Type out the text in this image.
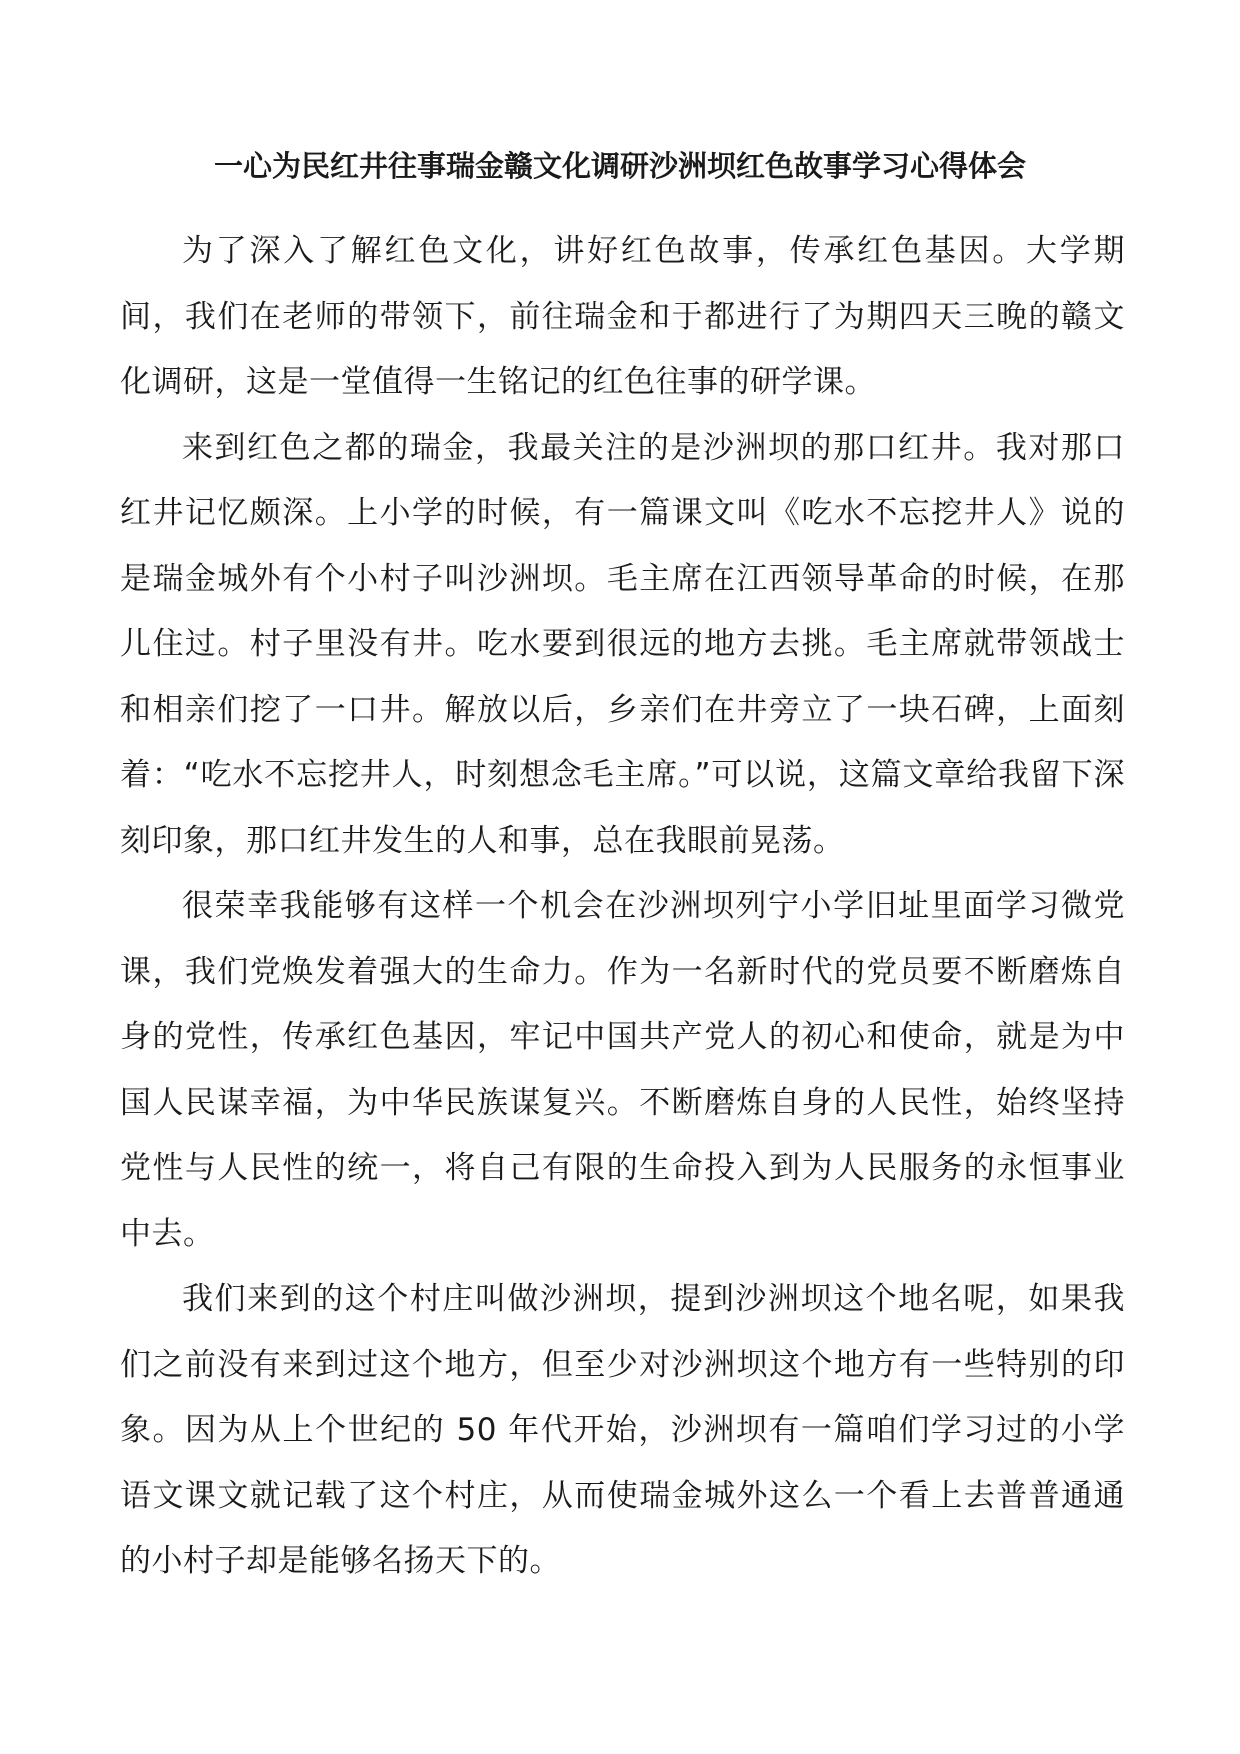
一心为民红井往事瑞金赣文化调研沙洲坝红色故事学习心得体会

为了深入了解红色文化，讲好红色故事，传承红色基因。大学期间，我们在老师的带领下，前往瑞金和于都进行了为期四天三晚的赣文化调研，这是一堂值得一生铭记的红色往事的研学课。

来到红色之都的瑞金，我最关注的是沙洲坝的那口红井。我对那口红井记忆颇深。上小学的时候，有一篇课文叫《吃水不忘挖井人》说的是瑞金城外有个小村子叫沙洲坝。毛主席在江西领导革命的时候，在那儿住过。村子里没有井。吃水要到很远的地方去挑。毛主席就带领战士和相亲们挖了一口井。解放以后，乡亲们在井旁立了一块石碑，上面刻着：“吃水不忘挖井人，时刻想念毛主席。”可以说，这篇文章给我留下深刻印象，那口红井发生的人和事，总在我眼前晃荡。

很荣幸我能够有这样一个机会在沙洲坝列宁小学旧址里面学习微党课，我们党焕发着强大的生命力。作为一名新时代的党员要不断磨炼自身的党性，传承红色基因，牢记中国共产党人的初心和使命，就是为中国人民谋幸福，为中华民族谋复兴。不断磨炼自身的人民性，始终坚持党性与人民性的统一，将自己有限的生命投入到为人民服务的永恒事业中去。

我们来到的这个村庄叫做沙洲坝，提到沙洲坝这个地名呢，如果我们之前没有来到过这个地方，但至少对沙洲坝这个地方有一些特别的印象。因为从上个世纪的 50 年代开始，沙洲坝有一篇咱们学习过的小学语文课文就记载了这个村庄，从而使瑞金城外这么一个看上去普普通通的小村子却是能够名扬天下的。
